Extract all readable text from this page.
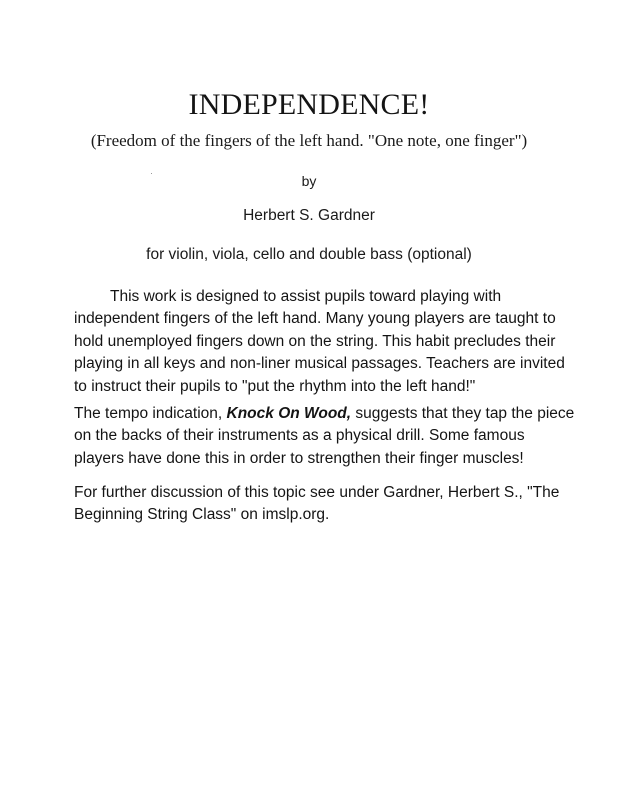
INDEPENDENCE!
(Freedom of the fingers of the left hand. "One note, one finger")
by
Herbert S. Gardner
for violin, viola, cello and double bass (optional)
This work is designed to assist pupils toward playing with
independent fingers of the left hand. Many young players are taught to
hold unemployed fingers down on the string. This habit precludes their
playing in all keys and non-liner musical passages. Teachers are invited
to instruct their pupils to "put the rhythm into the left hand!"
The tempo indication, Knock On Wood, suggests that they tap the piece
on the backs of their instruments as a physical drill. Some famous
players have done this in order to strengthen their finger muscles!
For further discussion of this topic see under Gardner, Herbert S., "The
Beginning String Class" on imslp.org.
